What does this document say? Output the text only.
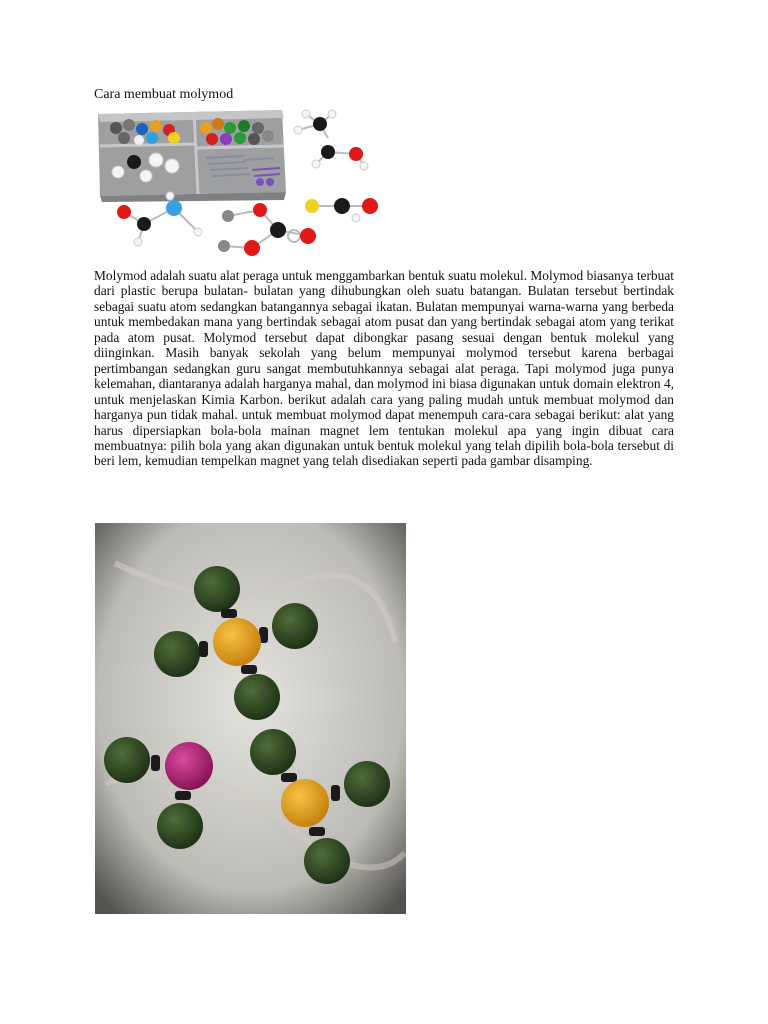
Cara membuat molymod

Molymod adalah suatu alat peraga untuk menggambarkan bentuk suatu molekul. Molymod biasanya terbuat dari plastic berupa bulatan- bulatan yang dihubungkan oleh suatu batangan. Bulatan tersebut bertindak sebagai suatu atom sedangkan batangannya sebagai ikatan. Bulatan mempunyai warna-warna yang berbeda untuk membedakan mana yang bertindak sebagai atom pusat dan yang bertindak sebagai atom yang terikat pada atom pusat. Molymod tersebut dapat dibongkar pasang sesuai dengan bentuk molekul yang diinginkan. Masih banyak sekolah yang belum mempunyai molymod tersebut karena berbagai pertimbangan sedangkan guru sangat membutuhkannya sebagai alat peraga. Tapi molymod juga punya kelemahan, diantaranya adalah harganya mahal, dan molymod ini biasa digunakan untuk domain elektron 4, untuk menjelaskan Kimia Karbon. berikut adalah cara yang paling mudah untuk membuat molymod dan harganya pun tidak mahal. untuk membuat molymod dapat menempuh cara-cara sebagai berikut: alat yang harus dipersiapkan bola-bola mainan magnet lem tentukan molekul apa yang ingin dibuat cara membuatnya: pilih bola yang akan digunakan untuk bentuk molekul yang telah dipilih bola-bola tersebut di beri lem, kemudian tempelkan magnet yang telah disediakan seperti pada gambar disamping.
